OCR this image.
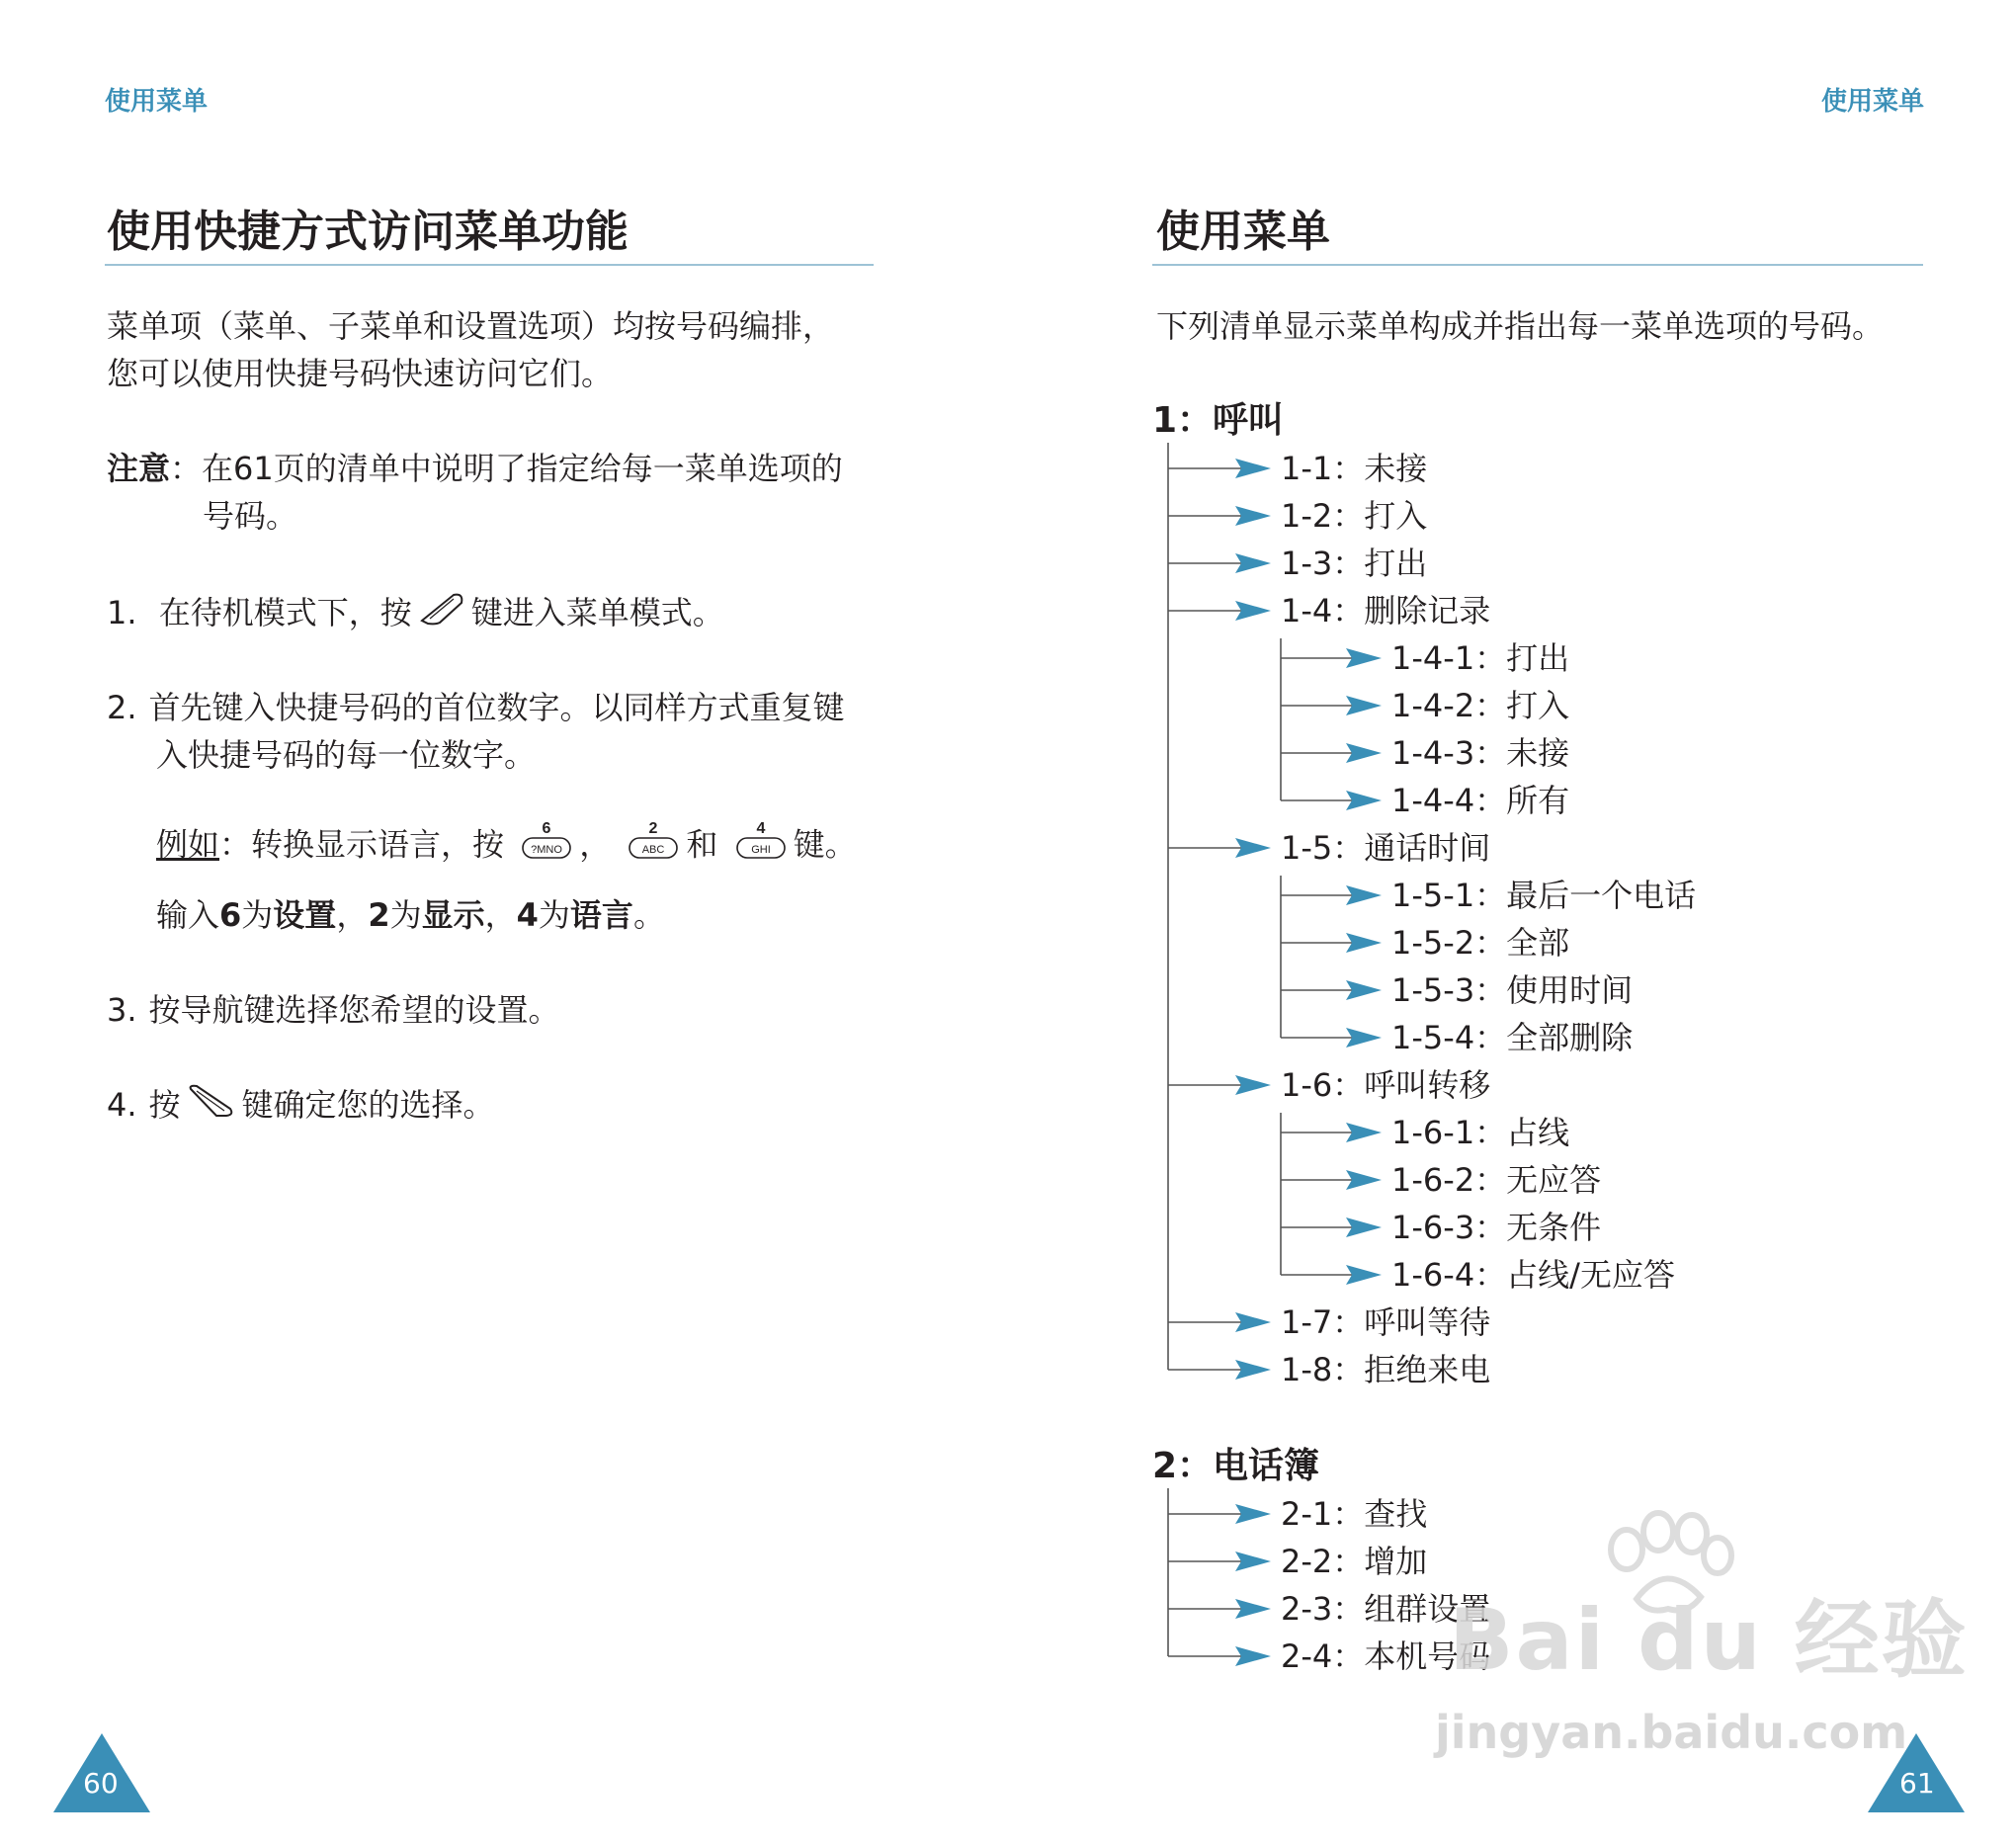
使用菜单
使用快捷方式访问菜单功能
菜单项（菜单、子菜单和设置选项）均按号码编排，
您可以使用快捷号码快速访问它们。
注意：在61页的清单中说明了指定给每一菜单选项的
号码。
1. 在待机模式下，按 键进入菜单模式。
2. 首先键入快捷号码的首位数字。以同样方式重复键
入快捷号码的每一位数字。
例如：转换显示语言，按 6
?MNO ， 2
ABC 和 4
GHI 键。
输入6为设置，2为显示，4为语言。
3. 按导航键选择您希望的设置。
4. 按 键确定您的选择。
60
使用菜单
使用菜单
下列清单显示菜单构成并指出每一菜单选项的号码。
1：呼叫
1-1：未接
1-2：打入
1-3：打出
1-4：删除记录
1-4-1：打出
1-4-2：打入
1-4-3：未接
1-4-4：所有
1-5：通话时间
1-5-1：最后一个电话
1-5-2：全部
1-5-3：使用时间
1-5-4：全部删除
1-6：呼叫转移
1-6-1：占线
1-6-2：无应答
1-6-3：无条件
1-6-4：占线/无应答
1-7：呼叫等待
1-8：拒绝来电
2：电话簿
2-1：查找
2-2：增加
2-3：组群设置
2-4：本机号码
Bai du 经验
jingyan.baidu.com
61
